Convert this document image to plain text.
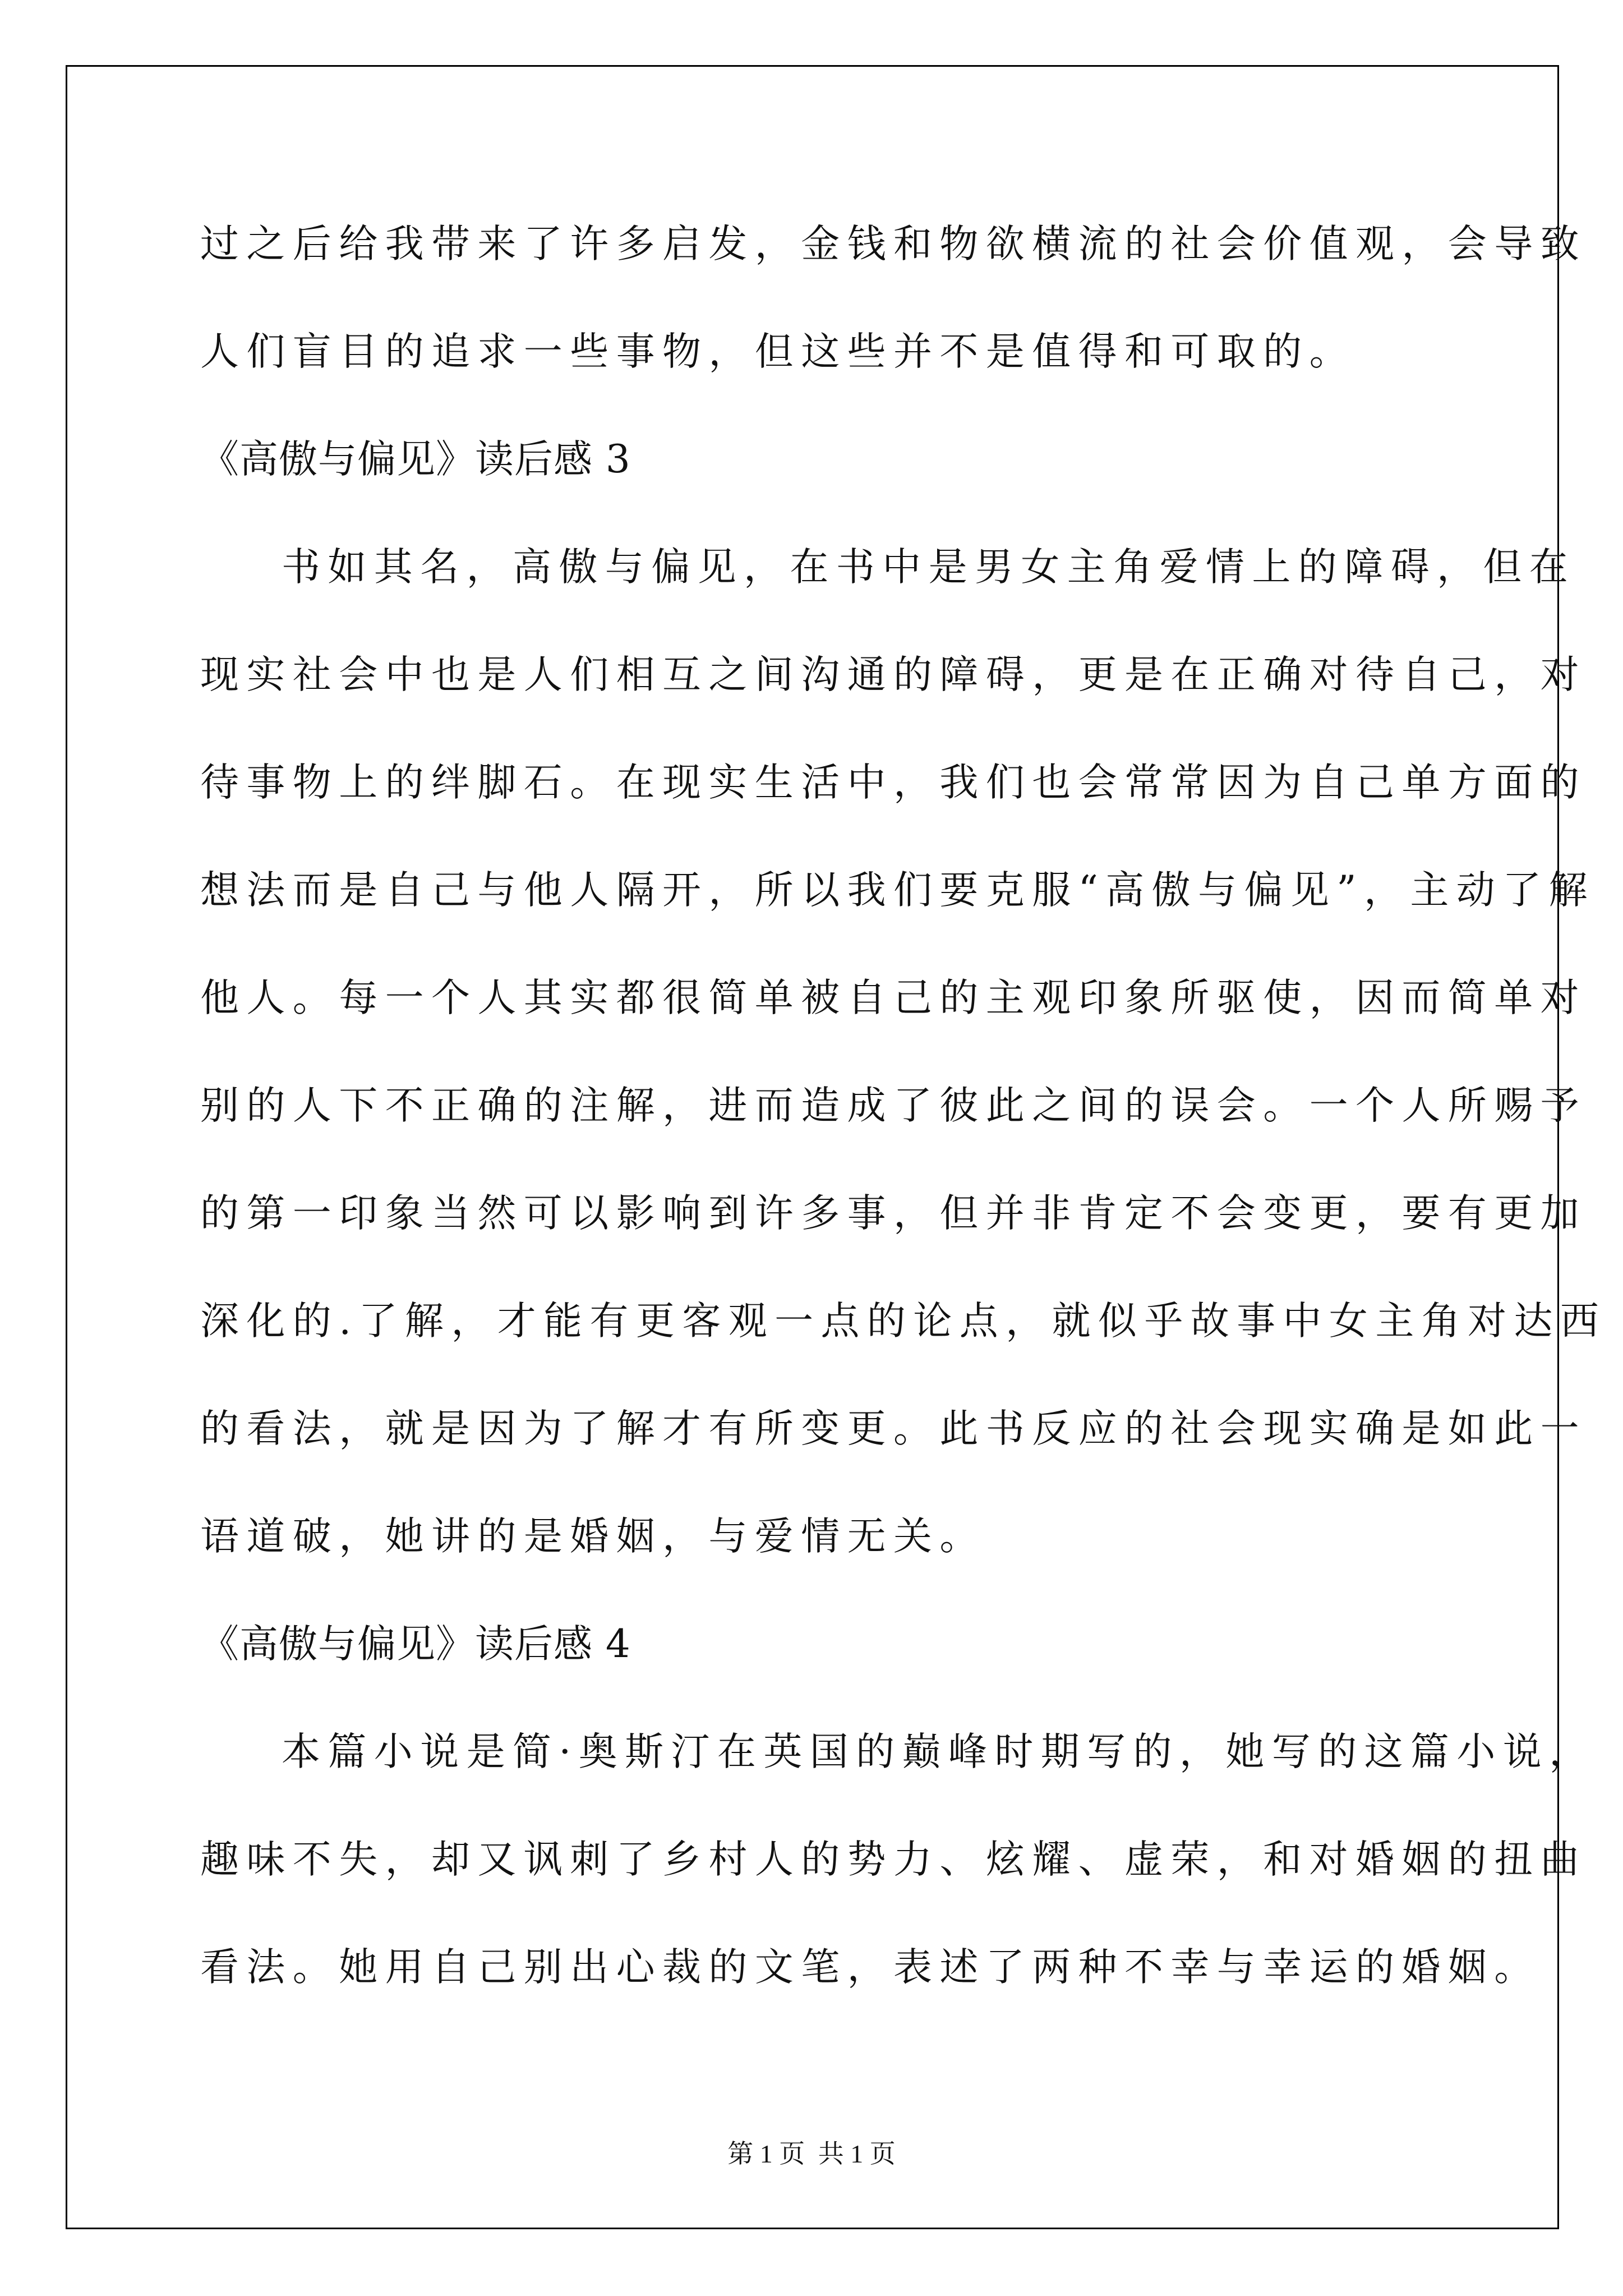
过之后给我带来了许多启发，金钱和物欲横流的社会价值观，会导致
人们盲目的追求一些事物，但这些并不是值得和可取的。
《高傲与偏见》读后感 3
书如其名，高傲与偏见，在书中是男女主角爱情上的障碍，但在
现实社会中也是人们相互之间沟通的障碍，更是在正确对待自己，对
待事物上的绊脚石。在现实生活中，我们也会常常因为自己单方面的
想法而是自己与他人隔开，所以我们要克服“高傲与偏见”，主动了解
他人。每一个人其实都很简单被自己的主观印象所驱使，因而简单对
别的人下不正确的注解，进而造成了彼此之间的误会。一个人所赐予
的第一印象当然可以影响到许多事，但并非肯定不会变更，要有更加
深化的.了解，才能有更客观一点的论点，就似乎故事中女主角对达西
的看法，就是因为了解才有所变更。此书反应的社会现实确是如此一
语道破，她讲的是婚姻，与爱情无关。
《高傲与偏见》读后感 4
本篇小说是简·奥斯汀在英国的巅峰时期写的，她写的这篇小说，
趣味不失，却又讽刺了乡村人的势力、炫耀、虚荣，和对婚姻的扭曲
看法。她用自己别出心裁的文笔，表述了两种不幸与幸运的婚姻。
第 1 页 共 1 页
